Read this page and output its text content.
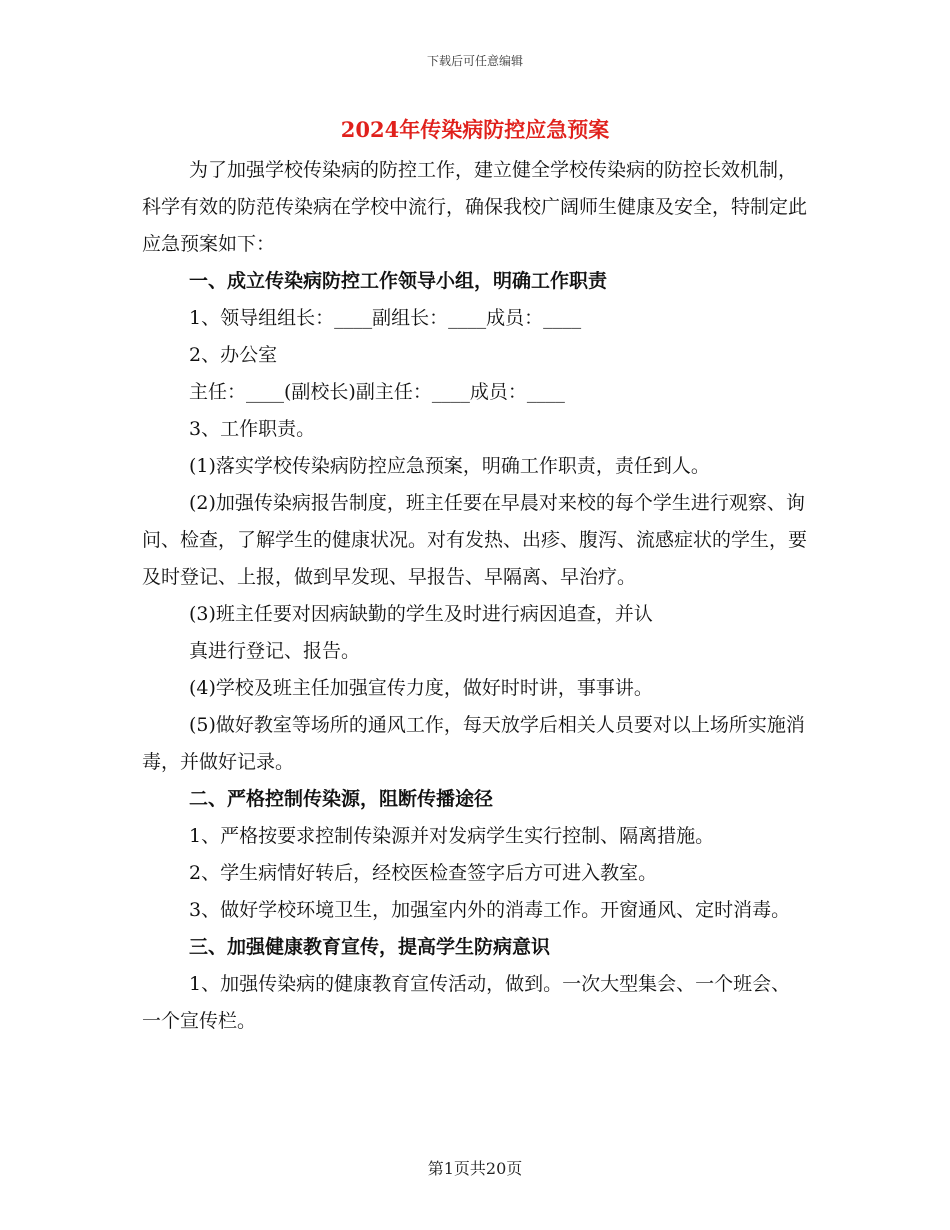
下载后可任意编辑
2024年传染病防控应急预案

为了加强学校传染病的防控工作，建立健全学校传染病的防控长效机制，科学有效的防范传染病在学校中流行，确保我校广阔师生健康及安全，特制定此应急预案如下：

一、成立传染病防控工作领导小组，明确工作职责

1、领导组组长：____副组长：____成员：____

2、办公室

主任：____(副校长)副主任：____成员：____

3、工作职责。

(1)落实学校传染病防控应急预案，明确工作职责，责任到人。

(2)加强传染病报告制度，班主任要在早晨对来校的每个学生进行观察、询问、检查，了解学生的健康状况。对有发热、出疹、腹泻、流感症状的学生，要及时登记、上报，做到早发现、早报告、早隔离、早治疗。

(3)班主任要对因病缺勤的学生及时进行病因追查，并认

真进行登记、报告。

(4)学校及班主任加强宣传力度，做好时时讲，事事讲。

(5)做好教室等场所的通风工作，每天放学后相关人员要对以上场所实施消毒，并做好记录。

二、严格控制传染源，阻断传播途径

1、严格按要求控制传染源并对发病学生实行控制、隔离措施。

2、学生病情好转后，经校医检查签字后方可进入教室。

3、做好学校环境卫生，加强室内外的消毒工作。开窗通风、定时消毒。

三、加强健康教育宣传，提高学生防病意识

1、加强传染病的健康教育宣传活动，做到。一次大型集会、一个班会、一个宣传栏。

第1页共20页
